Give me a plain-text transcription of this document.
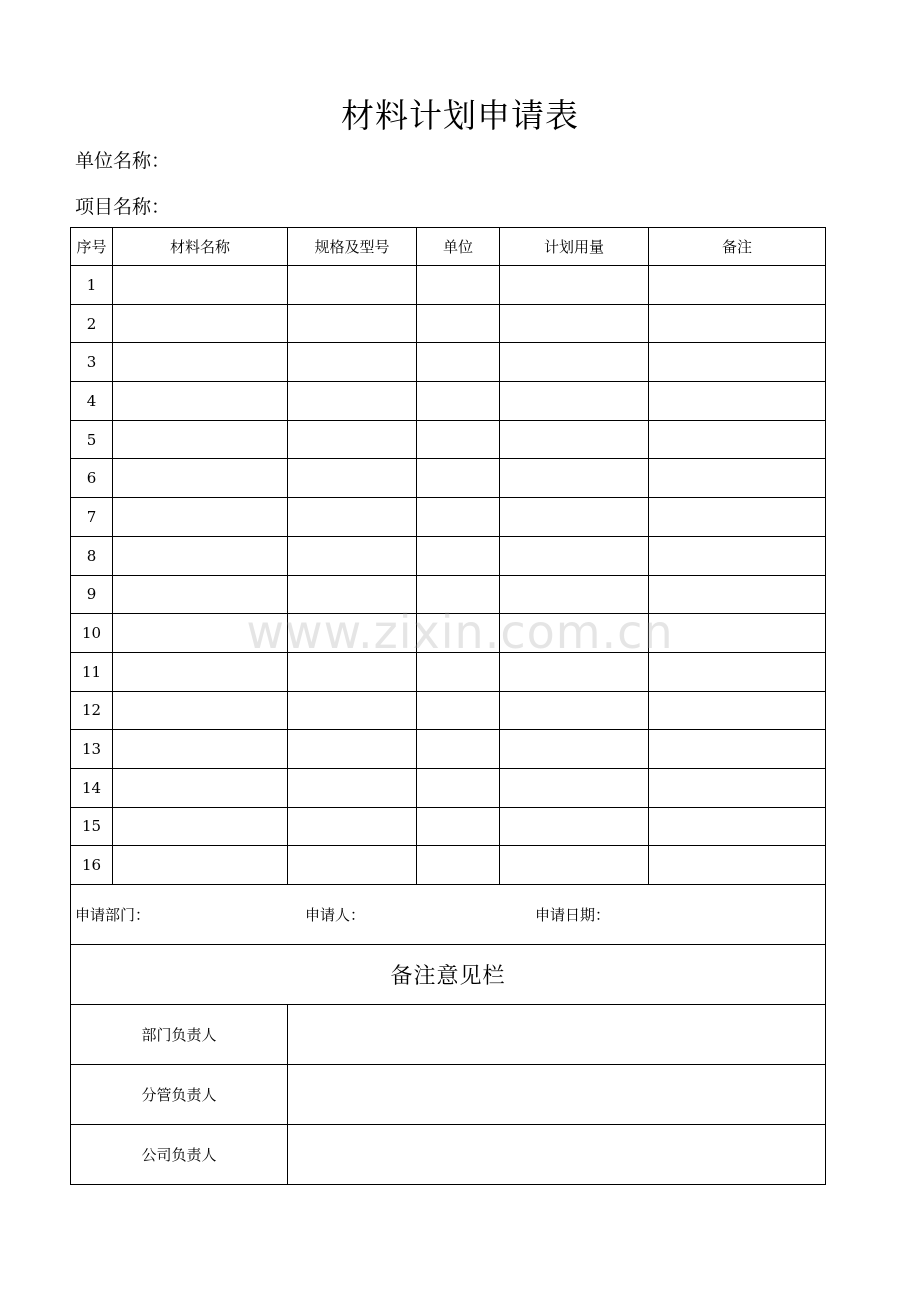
材料计划申请表
单位名称：
项目名称：
序号	材料名称	规格及型号	单位	计划用量	备注
1					
2					
3					
4					
5					
6					
7					
8					
9					
10					
11					
12					
13					
14					
15					
16					

申请部门： 申请人： 申请日期：					

备注意见栏					
部门负责人					
分管负责人					
公司负责人					
www.zixin.com.cn
